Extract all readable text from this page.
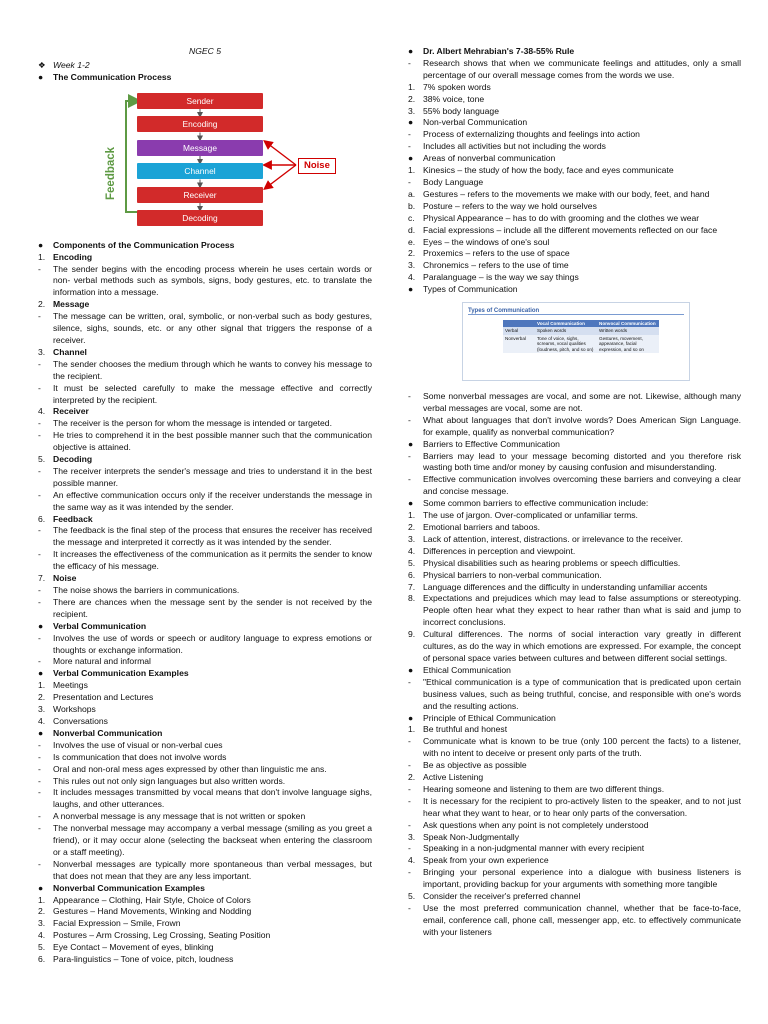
NGEC 5
❖ Week 1-2
●	The Communication Process
Sender
Encoding
Message
Channel
Receiver
Decoding
Feedback	Noise
●	Components of the Communication Process
1. Encoding
-	The sender begins with the encoding process wherein he uses certain words or non- verbal methods such as symbols, signs, body gestures, etc. to translate the information into a message.
2. Message
-	The message can be written, oral, symbolic, or non-verbal such as body gestures, silence, sighs, sounds, etc. or any other signal that triggers the response of a receiver.
3. Channel
-	The sender chooses the medium through which he wants to convey his message to the recipient.
-	It must be selected carefully to make the message effective and correctly interpreted by the recipient.
4. Receiver
-	The receiver is the person for whom the message is intended or targeted.
-	He tries to comprehend it in the best possible manner such that the communication objective is attained.
5. Decoding
-	The receiver interprets the sender's message and tries to understand it in the best possible manner.
-	An effective communication occurs only if the receiver understands the message in the same way as it was intended by the sender.
6. Feedback
-	The feedback is the final step of the process that ensures the receiver has received the message and interpreted it correctly as it was intended by the sender.
-	It increases the effectiveness of the communication as it permits the sender to know the efficacy of his message.
7. Noise
-	The noise shows the barriers in communications.
-	There are chances when the message sent by the sender is not received by the recipient.
●	Verbal Communication
-	Involves the use of words or speech or auditory language to express emotions or thoughts or exchange information.
-	More natural and informal
●	Verbal Communication Examples
1. Meetings
2. Presentation and Lectures
3. Workshops
4. Conversations
●	Nonverbal Communication
-	Involves the use of visual or non-verbal cues
-	Is communication that does not involve words
-	Oral and non-oral mess ages expressed by other than linguistic me ans.
-	This rules out not only sign languages but also written words.
-	It includes messages transmitted by vocal means that don't involve language sighs, laughs, and other utterances.
-	A nonverbal message is any message that is not written or spoken
-	The nonverbal message may accompany a verbal message (smiling as you greet a friend), or it may occur alone (selecting the backseat when entering the classroom or a staff meeting).
-	Nonverbal messages are typically more spontaneous than verbal messages, but that does not mean that they are any less important.
●	Nonverbal Communication Examples
1. Appearance – Clothing, Hair Style, Choice of Colors
2. Gestures – Hand Movements, Winking and Nodding
3. Facial Expression – Smile, Frown
4. Postures – Arm Crossing, Leg Crossing, Seating Position
5. Eye Contact – Movement of eyes, blinking
6. Para-linguistics – Tone of voice, pitch, loudness
●	Dr. Albert Mehrabian's 7-38-55% Rule
-	Research shows that when we communicate feelings and attitudes, only a small percentage of our overall message comes from the words we use.
1. 7% spoken words
2. 38% voice, tone
3. 55% body language
●	Non-verbal Communication
-	Process of externalizing thoughts and feelings into action
-	Includes all activities but not including the words
●	Areas of nonverbal communication
1. Kinesics – the study of how the body, face and eyes communicate
-	Body Language
a. Gestures – refers to the movements we make with our body, feet, and hand
b. Posture – refers to the way we hold ourselves
c. Physical Appearance – has to do with grooming and the clothes we wear
d. Facial expressions – include all the different movements reflected on our face
e. Eyes – the windows of one's soul
2. Proxemics – refers to the use of space
3. Chronemics – refers to the use of time
4. Paralanguage – is the way we say things
●	Types of Communication
Types of Communication
	Vocal Communication	Nonvocal Communication
Verbal	Spoken words	Written words
Nonverbal	Tone of voice, sighs, screams, vocal qualities (loudness, pitch, and so on)	Gestures, movement, appearance, facial expression, and so on
-	Some nonverbal messages are vocal, and some are not. Likewise, although many verbal messages are vocal, some are not.
-	What about languages that don't involve words? Does American Sign Language. for example, qualify as nonverbal communication?
●	Barriers to Effective Communication
-	Barriers may lead to your message becoming distorted and you therefore risk wasting both time and/or money by causing confusion and misunderstanding.
-	Effective communication involves overcoming these barriers and conveying a clear and concise message.
●	Some common barriers to effective communication include:
1. The use of jargon. Over-complicated or unfamiliar terms.
2. Emotional barriers and taboos.
3. Lack of attention, interest, distractions. or irrelevance to the receiver.
4. Differences in perception and viewpoint.
5. Physical disabilities such as hearing problems or speech difficulties.
6. Physical barriers to non-verbal communication.
7. Language differences and the difficulty in understanding unfamiliar accents
8. Expectations and prejudices which may lead to false assumptions or stereotyping. People often hear what they expect to hear rather than what is said and jump to incorrect conclusions.
9. Cultural differences. The norms of social interaction vary greatly in different cultures, as do the way in which emotions are expressed. For example, the concept of personal space varies between cultures and between different social settings.
●	Ethical Communication
-	"Ethical communication is a type of communication that is predicated upon certain business values, such as being truthful, concise, and responsible with one's words and the resulting actions.
●	Principle of Ethical Communication
1. Be truthful and honest
-	Communicate what is known to be true (only 100 percent the facts) to a listener, with no intent to deceive or present only parts of the truth.
-	Be as objective as possible
2. Active Listening
-	Hearing someone and listening to them are two different things.
-	It is necessary for the recipient to pro-actively listen to the speaker, and to not just hear what they want to hear, or to hear only parts of the conversation.
-	Ask questions when any point is not completely understood
3. Speak Non-Judgmentally
-	Speaking in a non-judgmental manner with every recipient
4. Speak from your own experience
-	Bringing your personal experience into a dialogue with business listeners is important, providing backup for your arguments with something more tangible
5. Consider the receiver's preferred channel
-	Use the most preferred communication channel, whether that be face-to-face, email, conference call, phone call, messenger app, etc. to effectively communicate with your listeners
